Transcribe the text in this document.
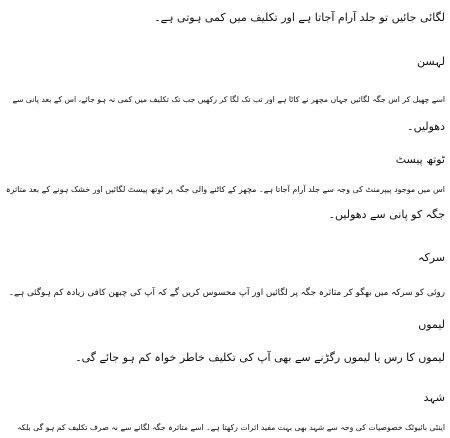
لگائی جائیں تو جلد آرام آجاتا ہے اور تکلیف میں کمی ہوتی ہے۔
لہسن
اسے چھیل کر اس جگہ لگائیں جہاں مچھر نے کاٹا ہے اور تب تک لگا کر رکھیں جب تک تکلیف میں کمی نہ ہو جائے، اس کے بعد پانی سے
دھولیں۔
ٹوتھ پیسٹ
اس میں موجود پیپرمنٹ کی وجہ سے جلد آرام آجاتا ہے۔ مچھر کے کاٹنے والی جگہ پر ٹوتھ پیسٹ لگائیں اور خشک ہونے کے بعد متاثرہ
جگہ کو پانی سے دھولیں۔
سرکہ
روئی کو سرکہ میں بھگو کر متاثرہ جگہ پر لگائیں اور آپ محسوس کریں گے کہ آپ کی چبھن کافی زیادہ کم ہوگئی ہے۔
لیموں
لیموں کا رس یا لیموں رگڑنے سے بھی آپ کی تکلیف خاطر خواہ کم ہو جائے گی۔
شہد
اینٹی بائیوٹک خصوصیات کی وجہ سے شہد بھی بہت مفید اثرات رکھتا ہے۔ اسے متاثرہ جگہ لگانے سے نہ صرف تکلیف کم ہو گی بلکہ
